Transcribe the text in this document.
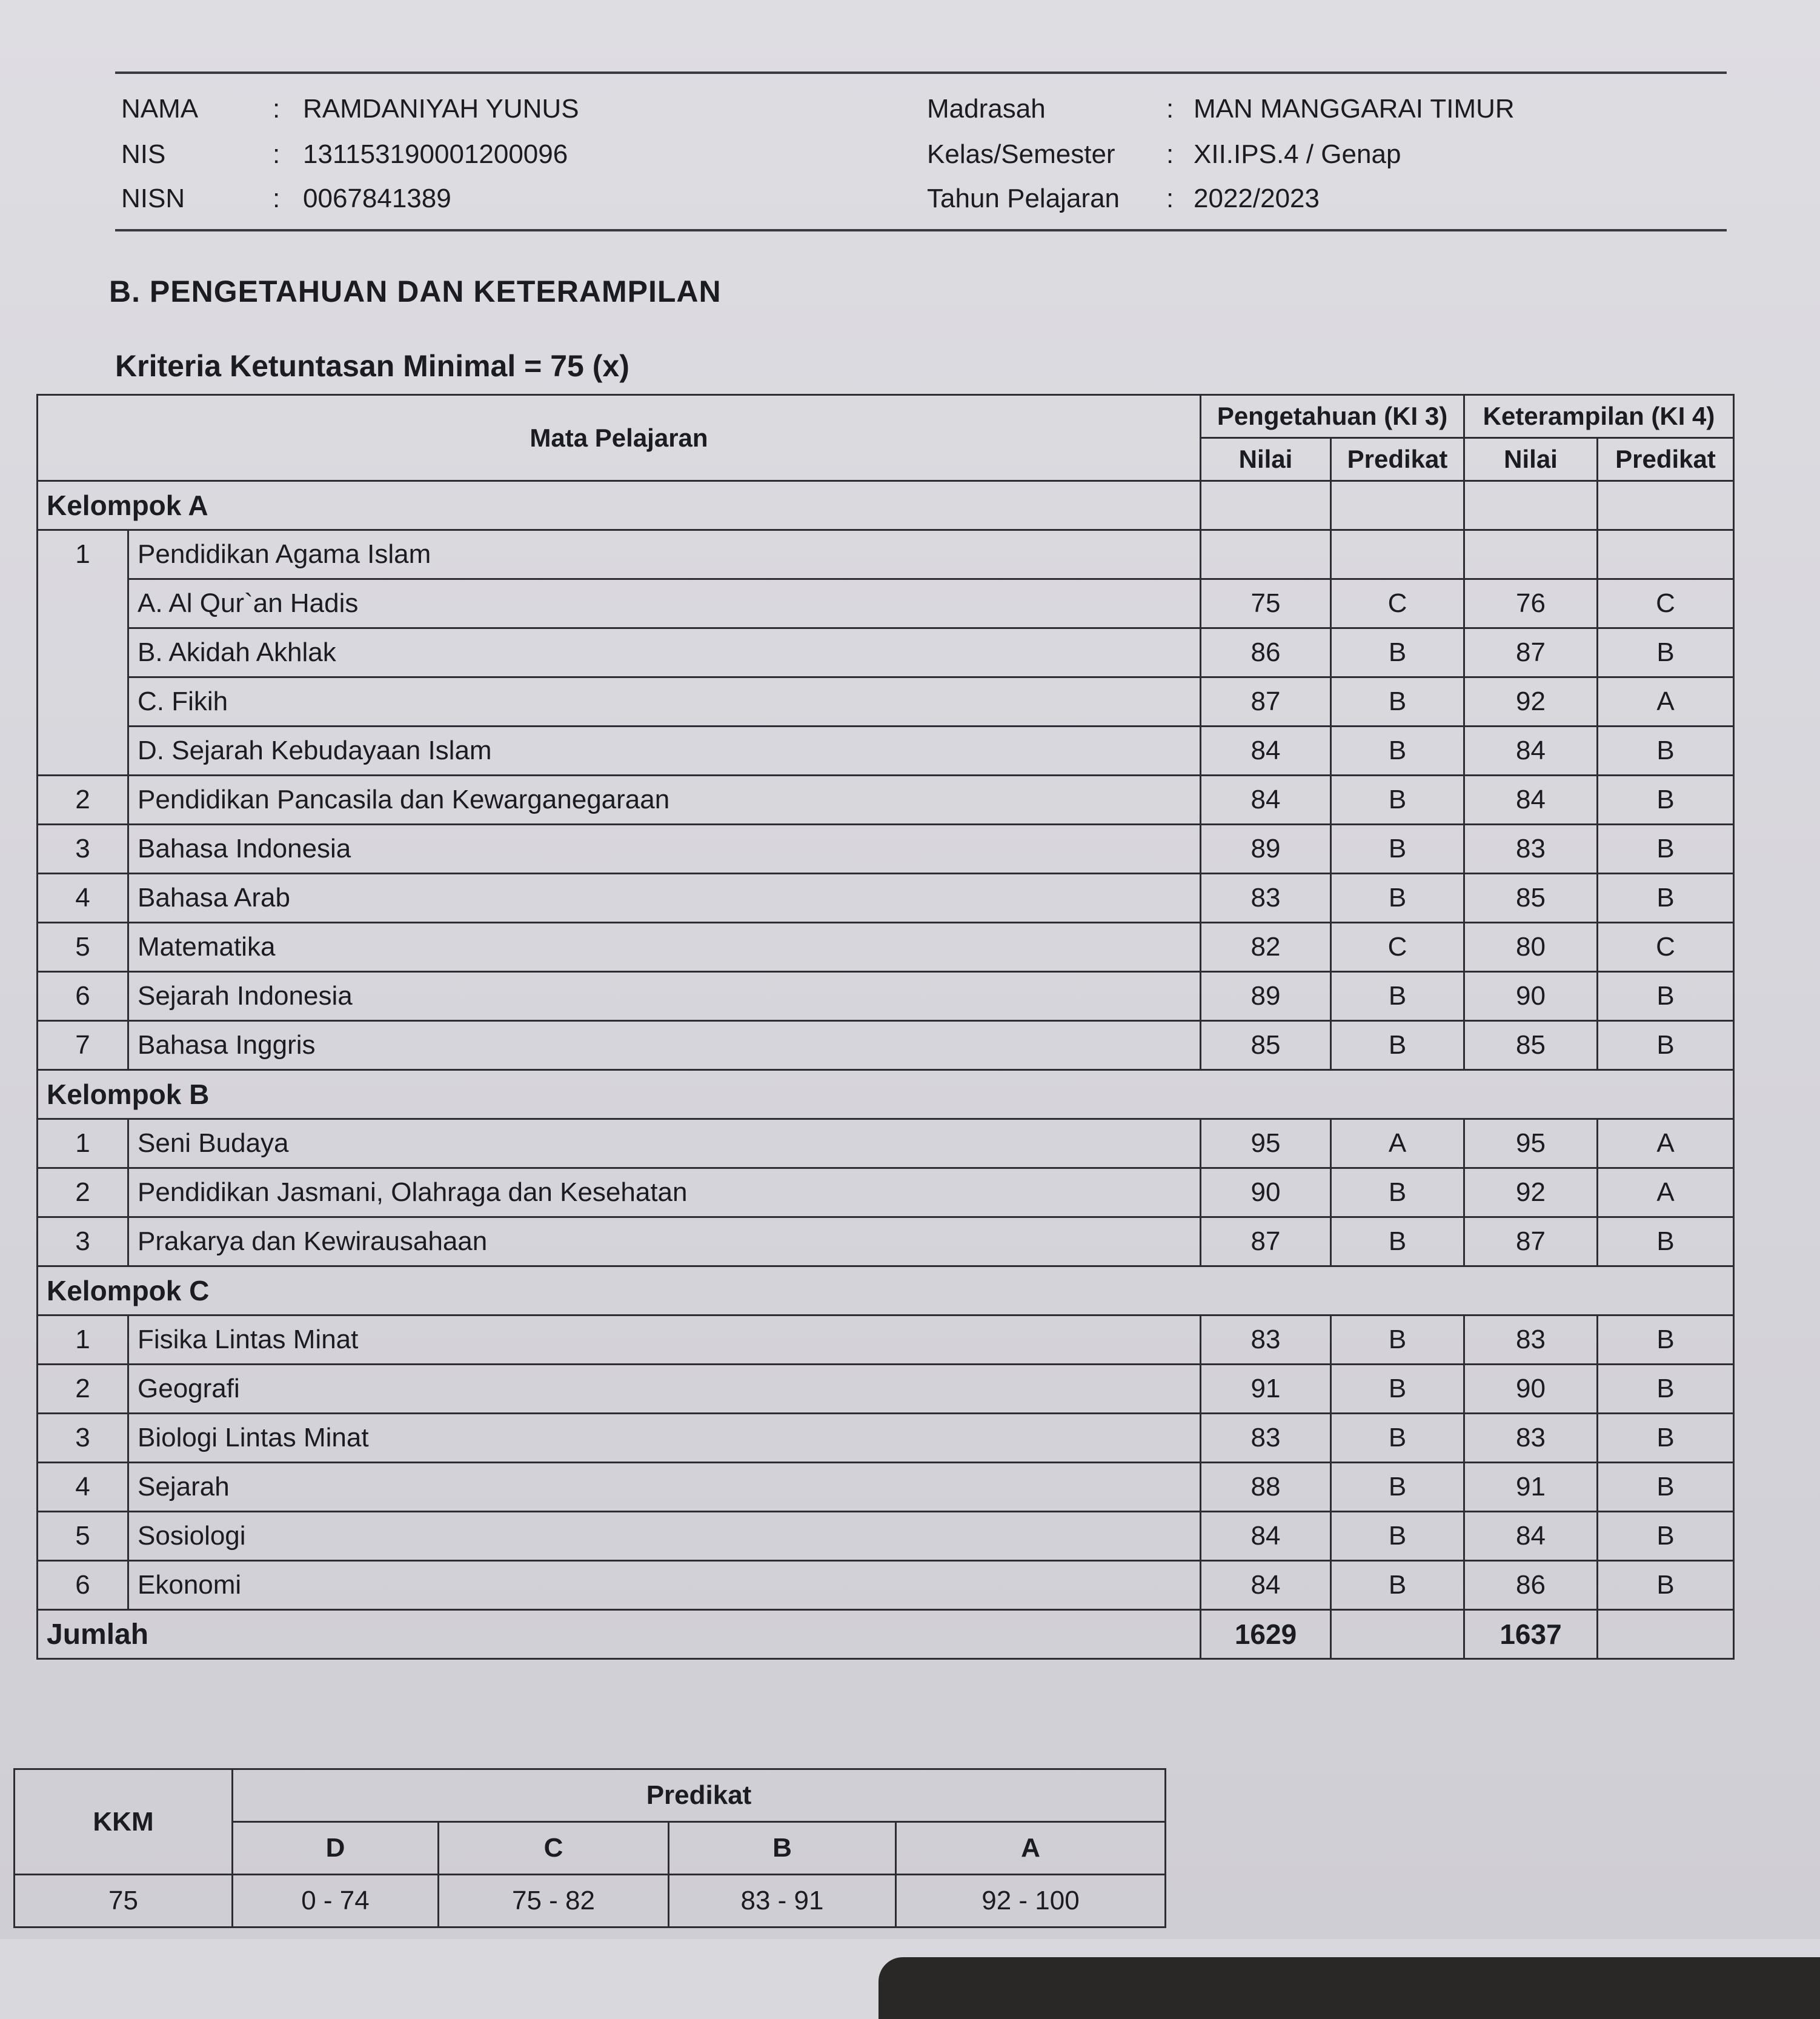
NAMA	: RAMDANIYAH YUNUS	Madrasah	: MAN MANGGARAI TIMUR
NIS	: 131153190001200096	Kelas/Semester : XII.IPS.4 / Genap
NISN	: 0067841389	Tahun Pelajaran : 2022/2023
B. PENGETAHUAN DAN KETERAMPILAN
Kriteria Ketuntasan Minimal = 75 (x)
Mata Pelajaran		Pengetahuan (KI 3)		Keterampilan (KI 4)	
		Nilai	Predikat	Nilai	Predikat
Kelompok A					
1	Pendidikan Agama Islam				
	A. Al Qur`an Hadis	75	C	76	C
	B. Akidah Akhlak	86	B	87	B
	C. Fikih	87	B	92	A
	D. Sejarah Kebudayaan Islam	84	B	84	B
2	Pendidikan Pancasila dan Kewarganegaraan	84	B	84	B
3	Bahasa Indonesia	89	B	83	B
4	Bahasa Arab	83	B	85	B
5	Matematika	82	C	80	C
6	Sejarah Indonesia	89	B	90	B
7	Bahasa Inggris	85	B	85	B
Kelompok B					
1	Seni Budaya	95	A	95	A
2	Pendidikan Jasmani, Olahraga dan Kesehatan	90	B	92	A
3	Prakarya dan Kewirausahaan	87	B	87	B
Kelompok C					
1	Fisika Lintas Minat	83	B	83	B
2	Geografi	91	B	90	B
3	Biologi Lintas Minat	83	B	83	B
4	Sejarah	88	B	91	B
5	Sosiologi	84	B	84	B
6	Ekonomi	84	B	86	B
Jumlah		1629		1637	
KKM	Predikat			
	D	C	B	A
75	0 - 74	75 - 82	83 - 91	92 - 100
